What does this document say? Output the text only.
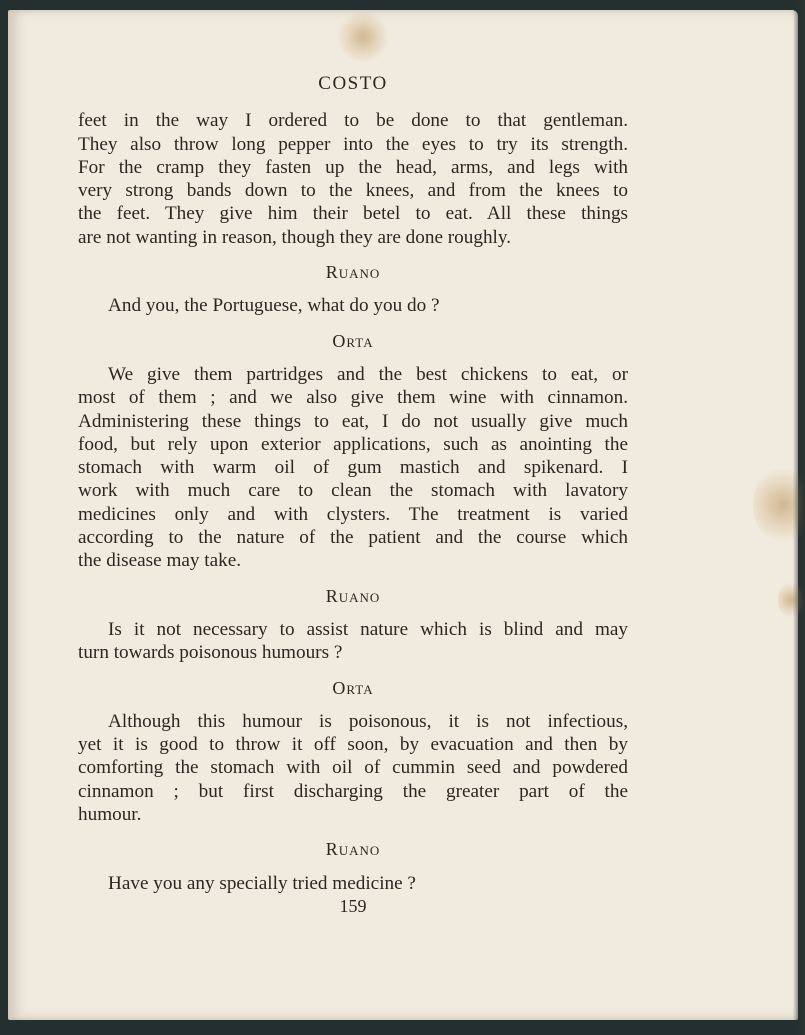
COSTO

feet in the way I ordered to be done to that gentleman.
They also throw long pepper into the eyes to try its strength.
For the cramp they fasten up the head, arms, and legs with
very strong bands down to the knees, and from the knees to
the feet. They give him their betel to eat. All these things
are not wanting in reason, though they are done roughly.

Ruano

And you, the Portuguese, what do you do ?

Orta

We give them partridges and the best chickens to eat, or
most of them ; and we also give them wine with cinnamon.
Administering these things to eat, I do not usually give much
food, but rely upon exterior applications, such as anointing the
stomach with warm oil of gum mastich and spikenard. I
work with much care to clean the stomach with lavatory
medicines only and with clysters. The treatment is varied
according to the nature of the patient and the course which
the disease may take.

Ruano

Is it not necessary to assist nature which is blind and may
turn towards poisonous humours ?

Orta

Although this humour is poisonous, it is not infectious,
yet it is good to throw it off soon, by evacuation and then by
comforting the stomach with oil of cummin seed and powdered
cinnamon ; but first discharging the greater part of the
humour.

Ruano

Have you any specially tried medicine ?

159
